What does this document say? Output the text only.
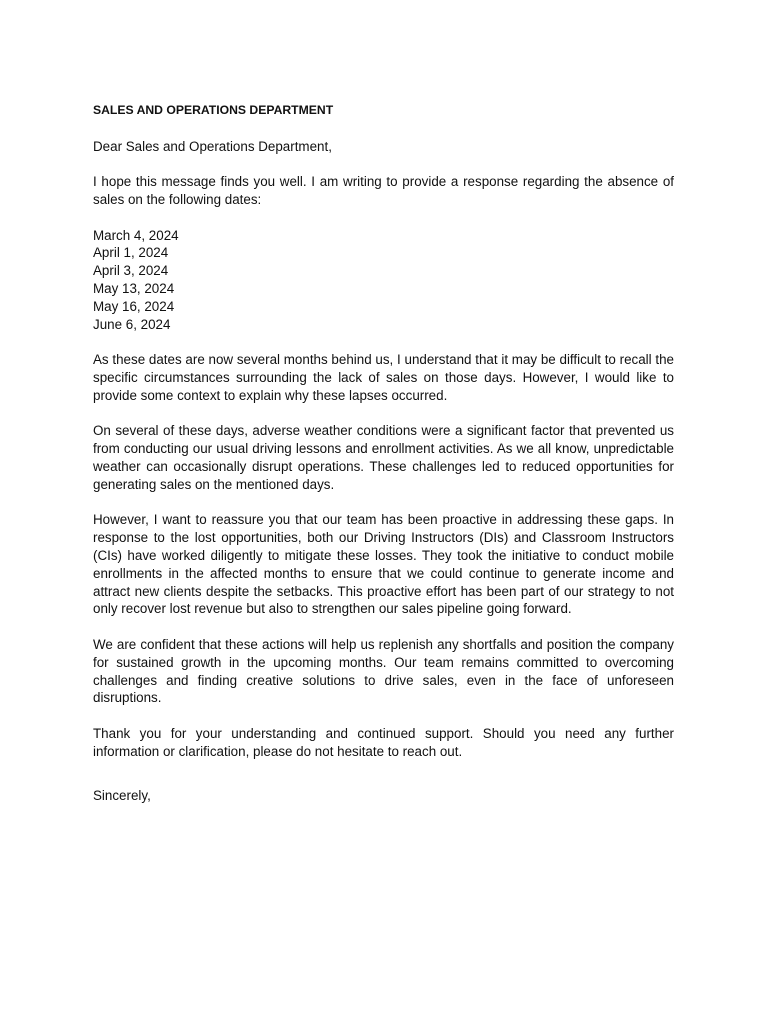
SALES AND OPERATIONS DEPARTMENT
Dear Sales and Operations Department,
I hope this message finds you well. I am writing to provide a response regarding the absence of sales on the following dates:
March 4, 2024
April 1, 2024
April 3, 2024
May 13, 2024
May 16, 2024
June 6, 2024
As these dates are now several months behind us, I understand that it may be difficult to recall the specific circumstances surrounding the lack of sales on those days. However, I would like to provide some context to explain why these lapses occurred.
On several of these days, adverse weather conditions were a significant factor that prevented us from conducting our usual driving lessons and enrollment activities. As we all know, unpredictable weather can occasionally disrupt operations. These challenges led to reduced opportunities for generating sales on the mentioned days.
However, I want to reassure you that our team has been proactive in addressing these gaps. In response to the lost opportunities, both our Driving Instructors (DIs) and Classroom Instructors (CIs) have worked diligently to mitigate these losses. They took the initiative to conduct mobile enrollments in the affected months to ensure that we could continue to generate income and attract new clients despite the setbacks. This proactive effort has been part of our strategy to not only recover lost revenue but also to strengthen our sales pipeline going forward.
We are confident that these actions will help us replenish any shortfalls and position the company for sustained growth in the upcoming months. Our team remains committed to overcoming challenges and finding creative solutions to drive sales, even in the face of unforeseen disruptions.
Thank you for your understanding and continued support. Should you need any further information or clarification, please do not hesitate to reach out.
Sincerely,
